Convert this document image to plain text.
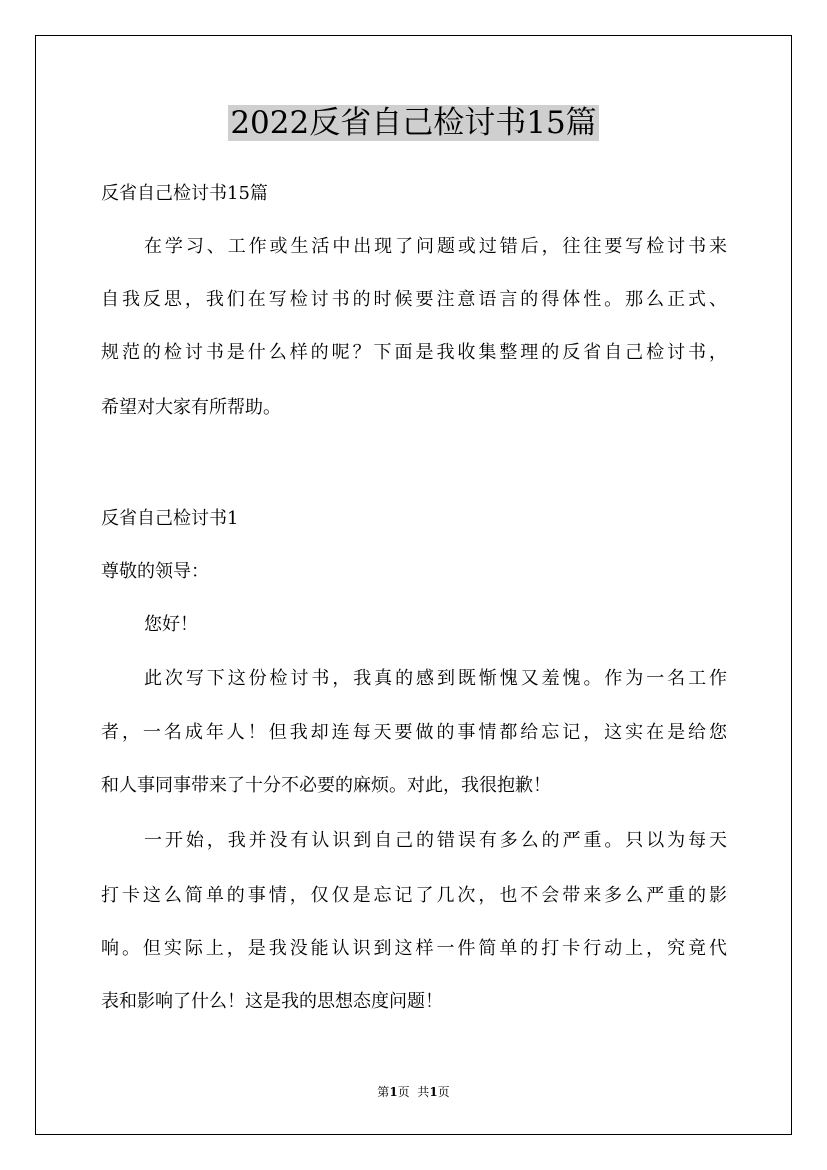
2022反省自己检讨书15篇
反省自己检讨书15篇
在学习、工作或生活中出现了问题或过错后，往往要写检讨书来
自我反思，我们在写检讨书的时候要注意语言的得体性。那么正式、
规范的检讨书是什么样的呢？下面是我收集整理的反省自己检讨书，
希望对大家有所帮助。
反省自己检讨书1
尊敬的领导：
您好！
此次写下这份检讨书，我真的感到既惭愧又羞愧。作为一名工作
者，一名成年人！但我却连每天要做的事情都给忘记，这实在是给您
和人事同事带来了十分不必要的麻烦。对此，我很抱歉！
一开始，我并没有认识到自己的错误有多么的严重。只以为每天
打卡这么简单的事情，仅仅是忘记了几次，也不会带来多么严重的影
响。但实际上，是我没能认识到这样一件简单的打卡行动上，究竟代
表和影响了什么！这是我的思想态度问题！
第1页  共1页
